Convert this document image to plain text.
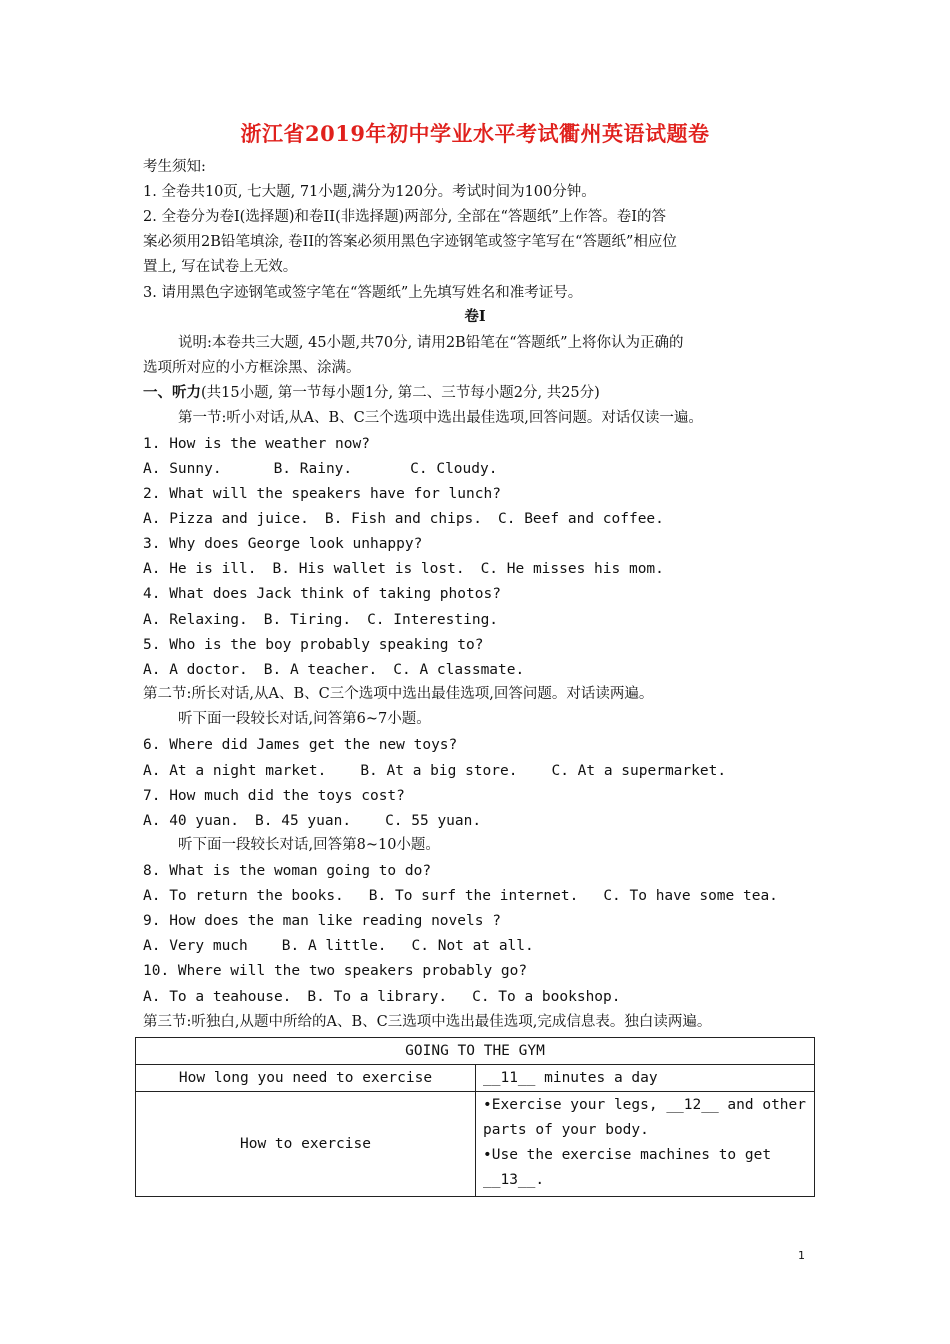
浙江省2019年初中学业水平考试衢州英语试题卷
考生须知:
1. 全卷共10页, 七大题, 71小题,满分为120分。考试时间为100分钟。
2. 全卷分为卷I(选择题)和卷II(非选择题)两部分, 全部在“答题纸”上作答。卷I的答
案必须用2B铅笔填涂, 卷II的答案必须用黑色字迹钢笔或签字笔写在“答题纸”相应位
置上, 写在试卷上无效。
3. 请用黑色字迹钢笔或签字笔在“答题纸”上先填写姓名和准考证号。
卷I
说明:本卷共三大题, 45小题,共70分, 请用2B铅笔在“答题纸”上将你认为正确的
选项所对应的小方框涂黑、涂满。
一、听力(共15小题, 第一节每小题1分, 第二、三节每小题2分, 共25分)
第一节:听小对话,从A、B、C三个选项中选出最佳选项,回答问题。对话仅读一遍。
1. How is the weather now?
A. Sunny.	B. Rainy.	C. Cloudy.
2. What will the speakers have for lunch?
A. Pizza and juice. B. Fish and chips. C. Beef and coffee.
3. Why does George look unhappy?
A. He is ill. B. His wallet is lost. C. He misses his mom.
4. What does Jack think of taking photos?
A. Relaxing. B. Tiring. C. Interesting.
5. Who is the boy probably speaking to?
A. A doctor. B. A teacher. C. A classmate.
第二节:所长对话,从A、B、C三个选项中选出最佳选项,回答问题。对话读两遍。
听下面一段较长对话,问答第6~7小题。
6. Where did James get the new toys?
A. At a night market. B. At a big store. C. At a supermarket.
7. How much did the toys cost?
A. 40 yuan. B. 45 yuan. C. 55 yuan.
听下面一段较长对话,回答第8~10小题。
8. What is the woman going to do?
A. To return the books. B. To surf the internet. C. To have some tea.
9. How does the man like reading novels ?
A. Very much B. A little. C. Not at all.
10. Where will the two speakers probably go?
A. To a teahouse. B. To a library. C. To a bookshop.
第三节:听独白,从题中所给的A、B、C三选项中选出最佳选项,完成信息表。独白读两遍。
GOING TO THE GYM	
How long you need to exercise	__11__ minutes a day
How to exercise	•Exercise your legs, __12__ and other
parts of your body.
•Use the exercise machines to get
__13__.
1
